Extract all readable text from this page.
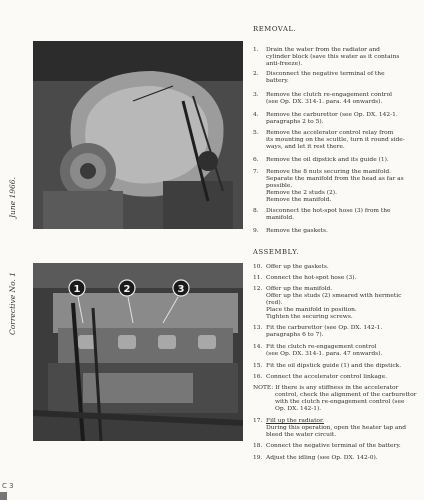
1	2	3
June 1966.
Corrective No. 1
C 3
REMOVAL.
1. Drain the water from the radiator and
cylinder block (save this water as it contains
anti-freeze).
2. Disconnect the negative terminal of the
battery.
3. Remove the clutch re-engagement control
(see Op. DX. 314-1. para. 44 onwards).
4. Remove the carburettor (see Op. DX. 142-1.
paragraphs 2 to 5).
5. Remove the accelerator control relay from
its mounting on the scuttle, turn it round side-
ways, and let it rest there.
6. Remove the oil dipstick and its guide (1).
7. Remove the 8 nuts securing the manifold.
Separate the manifold from the head as far as
possible.
Remove the 2 studs (2).
Remove the manifold.
8. Disconnect the hot-spot hose (3) from the
manifold.
9. Remove the gaskets.
ASSEMBLY.
10. Offer up the gaskets.
11. Connect the hot-spot hose (3).
12. Offer up the manifold.
Offer up the studs (2) smeared with hermetic
(red).
Place the manifold in position.
Tighten the securing screws.
13. Fit the carburettor (see Op. DX. 142-1.
paragraphs 6 to 7).
14. Fit the clutch re-engagement control
(see Op. DX. 314-1. para. 47 onwards).
15. Fit the oil dipstick guide (1) and the dipstick.
16. Connect the accelerator control linkage.
NOTE: If there is any stiffness in the accelerator
control, check the alignment of the carburettor
with the clutch re-engagement control (see
Op. DX. 142-1).
17. Fill up the radiator.
During this operation, open the heater tap and
bleed the water circuit.
18. Connect the negative terminal of the battery.
19. Adjust the idling (see Op. DX. 142-0).
